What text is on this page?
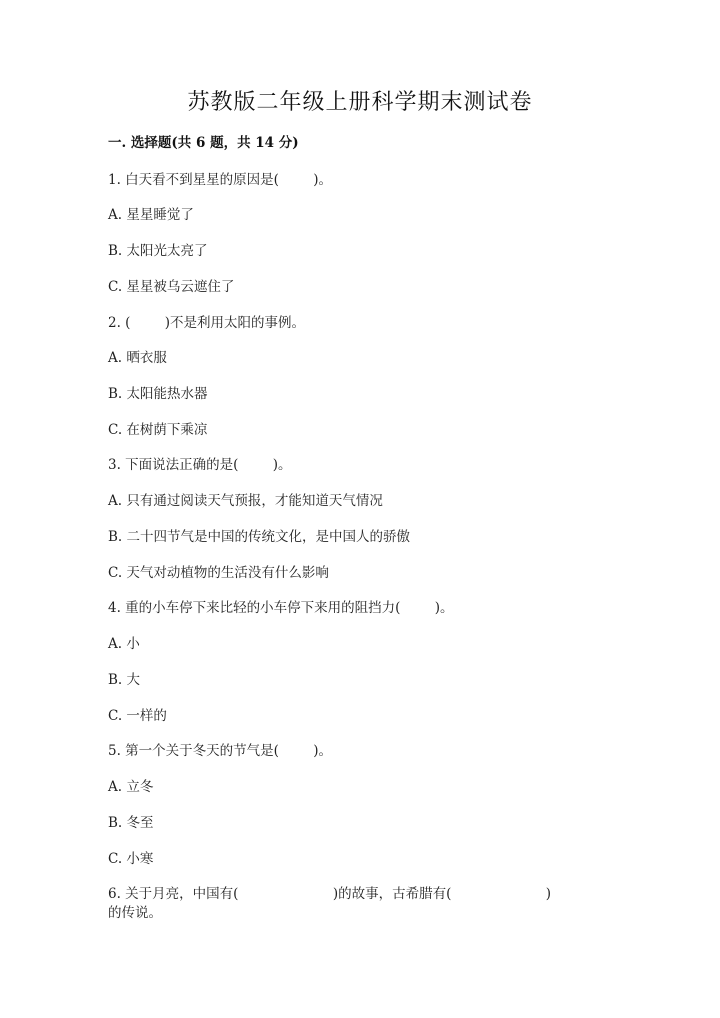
苏教版二年级上册科学期末测试卷
一. 选择题(共 6 题，共 14 分)
1. 白天看不到星星的原因是(        )。
A. 星星睡觉了
B. 太阳光太亮了
C. 星星被乌云遮住了
2. (        )不是利用太阳的事例。
A. 晒衣服
B. 太阳能热水器
C. 在树荫下乘凉
3. 下面说法正确的是(        )。
A. 只有通过阅读天气预报，才能知道天气情况
B. 二十四节气是中国的传统文化，是中国人的骄傲
C. 天气对动植物的生活没有什么影响
4. 重的小车停下来比轻的小车停下来用的阻挡力(        )。
A. 小
B. 大
C. 一样的
5. 第一个关于冬天的节气是(        )。
A. 立冬
B. 冬至
C. 小寒
6. 关于月亮，中国有(                      )的故事，古希腊有(                      )
的传说。
